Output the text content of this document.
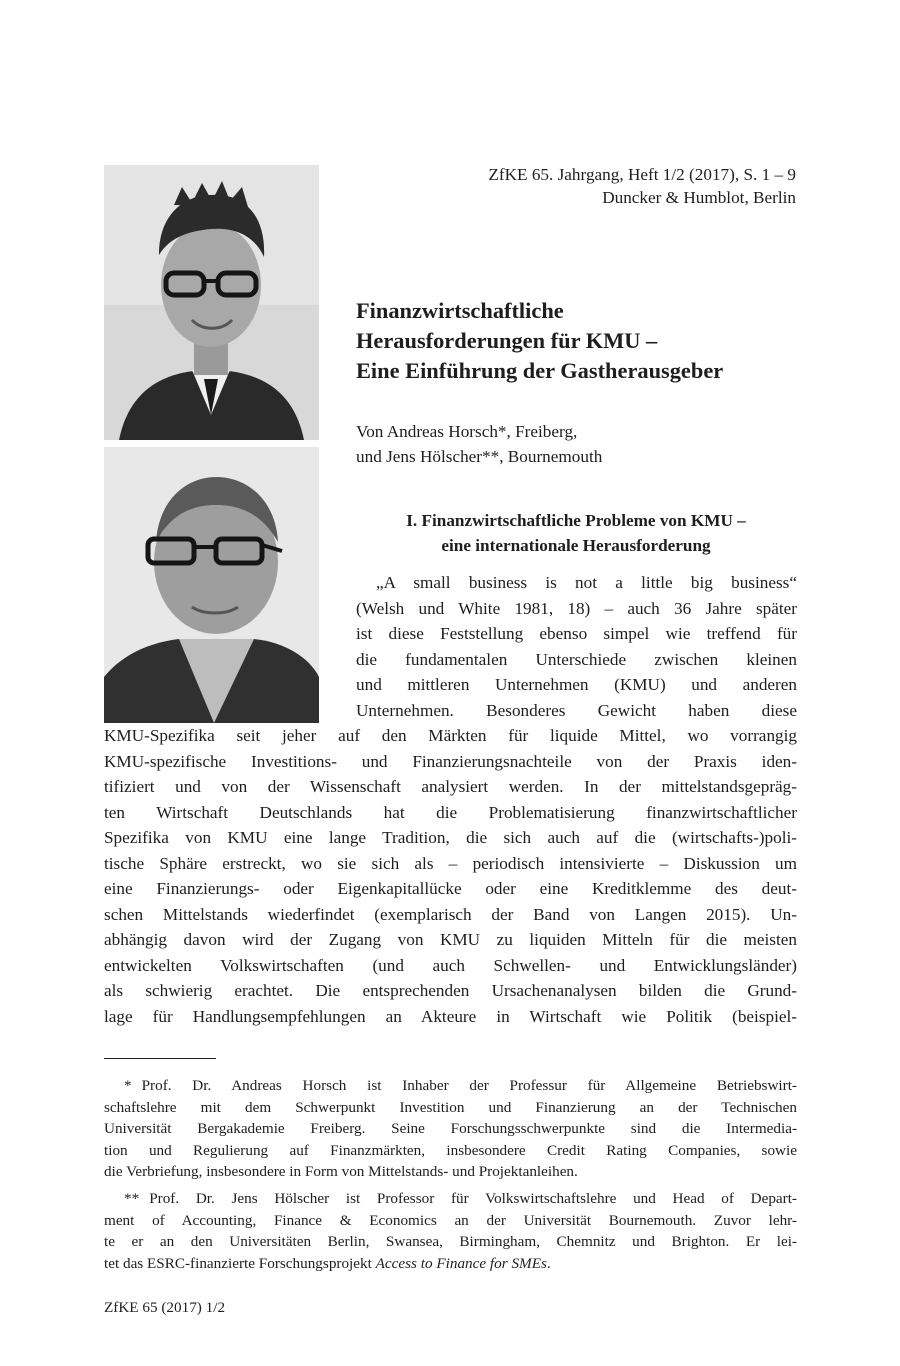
ZfKE 65. Jahrgang, Heft 1/2 (2017), S. 1 – 9
Duncker & Humblot, Berlin
Finanzwirtschaftliche
Herausforderungen für KMU –
Eine Einführung der Gastherausgeber
Von Andreas Horsch*, Freiberg,
und Jens Hölscher**, Bournemouth
I. Finanzwirtschaftliche Probleme von KMU –
eine internationale Herausforderung
„A small business is not a little big business“
(Welsh und White 1981, 18) – auch 36 Jahre später
ist diese Feststellung ebenso simpel wie treffend für
die fundamentalen Unterschiede zwischen kleinen
und mittleren Unternehmen (KMU) und anderen
Unternehmen. Besonderes Gewicht haben diese
KMU-Spezifika seit jeher auf den Märkten für liquide Mittel, wo vorrangig
KMU-spezifische Investitions- und Finanzierungsnachteile von der Praxis iden-
tifiziert und von der Wissenschaft analysiert werden. In der mittelstandsgepräg-
ten Wirtschaft Deutschlands hat die Problematisierung finanzwirtschaftlicher
Spezifika von KMU eine lange Tradition, die sich auch auf die (wirtschafts-)poli-
tische Sphäre erstreckt, wo sie sich als – periodisch intensivierte – Diskussion um
eine Finanzierungs- oder Eigenkapitallücke oder eine Kreditklemme des deut-
schen Mittelstands wiederfindet (exemplarisch der Band von Langen 2015). Un-
abhängig davon wird der Zugang von KMU zu liquiden Mitteln für die meisten
entwickelten Volkswirtschaften (und auch Schwellen- und Entwicklungsländer)
als schwierig erachtet. Die entsprechenden Ursachenanalysen bilden die Grund-
lage für Handlungsempfehlungen an Akteure in Wirtschaft wie Politik (beispiel-
* Prof. Dr. Andreas Horsch ist Inhaber der Professur für Allgemeine Betriebswirt-
schaftslehre mit dem Schwerpunkt Investition und Finanzierung an der Technischen
Universität Bergakademie Freiberg. Seine Forschungsschwerpunkte sind die Intermedia-
tion und Regulierung auf Finanzmärkten, insbesondere Credit Rating Companies, sowie
die Verbriefung, insbesondere in Form von Mittelstands- und Projektanleihen.
** Prof. Dr. Jens Hölscher ist Professor für Volkswirtschaftslehre und Head of Depart-
ment of Accounting, Finance & Economics an der Universität Bournemouth. Zuvor lehr-
te er an den Universitäten Berlin, Swansea, Birmingham, Chemnitz und Brighton. Er lei-
tet das ESRC-finanzierte Forschungsprojekt Access to Finance for SMEs.
ZfKE 65 (2017) 1/2
